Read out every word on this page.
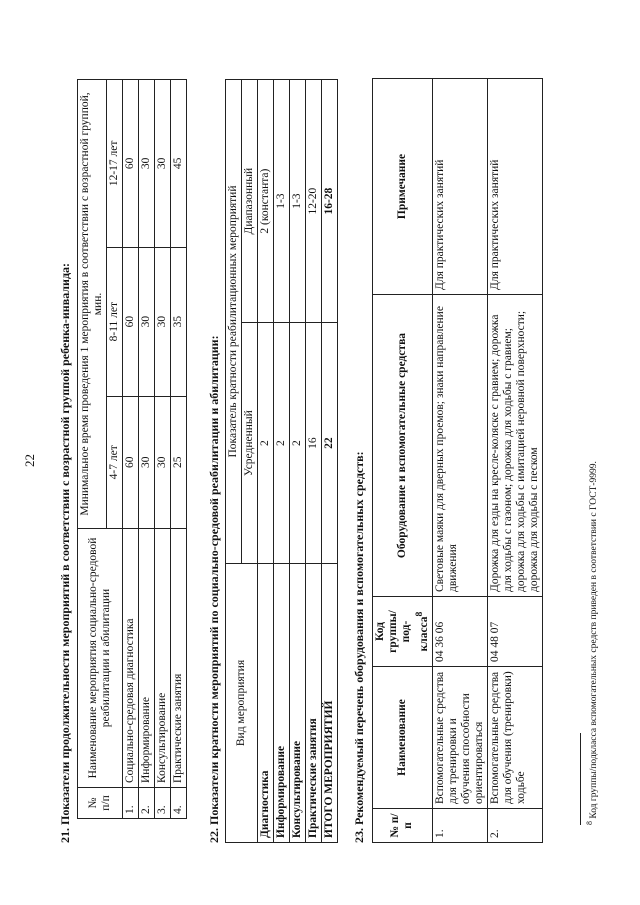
22 21. Показатели продолжительности мероприятий в соответствии с возрастной группой ребенка-инвалида: № п/п	Наименование мероприятия социально-средовой реабилитации и абилитации	Минимальное время проведения 1 мероприятия в соответствии с возрастной группой, мин.		
		4-7 лет	8-11 лет	12-17 лет
1.	Социально-средовая диагностика	60	60	60
2.	Информирование	30	30	30
3.	Консультирование	30	30	30
4.	Практические занятия	25	35	45
22. Показатели кратности мероприятий по социально-средовой реабилитации и абилитации: Вид мероприятия	Показатель кратности реабилитационных мероприятий	
	Усредненный	Диапазонный
Диагностика	2	2 (константа)
Информирование	2	1-3
Консультирование	2	1-3
Практические занятия	16	12-20
ИТОГО МЕРОПРИЯТИЙ	22	16-28
23. Рекомендуемый перечень оборудования и вспомогательных средств: № п/п	Наименование	Код группы/под-класса$^8$	Оборудование и вспомогательные средства	Примечание
1.	Вспомогательные средства для тренировки и обучения способности ориентироваться	04 36 06	Световые маяки для дверных проемов; знаки направление движения	Для практических занятий
2.	Вспомогательные средства для обучения (тренировки) ходьбе	04 48 07	Дорожка для езды на кресле-коляске с гравием; дорожка для ходьбы с газоном; дорожка для ходьбы с гравием; дорожка для ходьбы с имитацией неровной поверхности; дорожка для ходьбы с песком	Для практических занятий
$^8$ Код группы/подкласса вспомогательных средств приведен в соответствии с ГОСТ-9999.
